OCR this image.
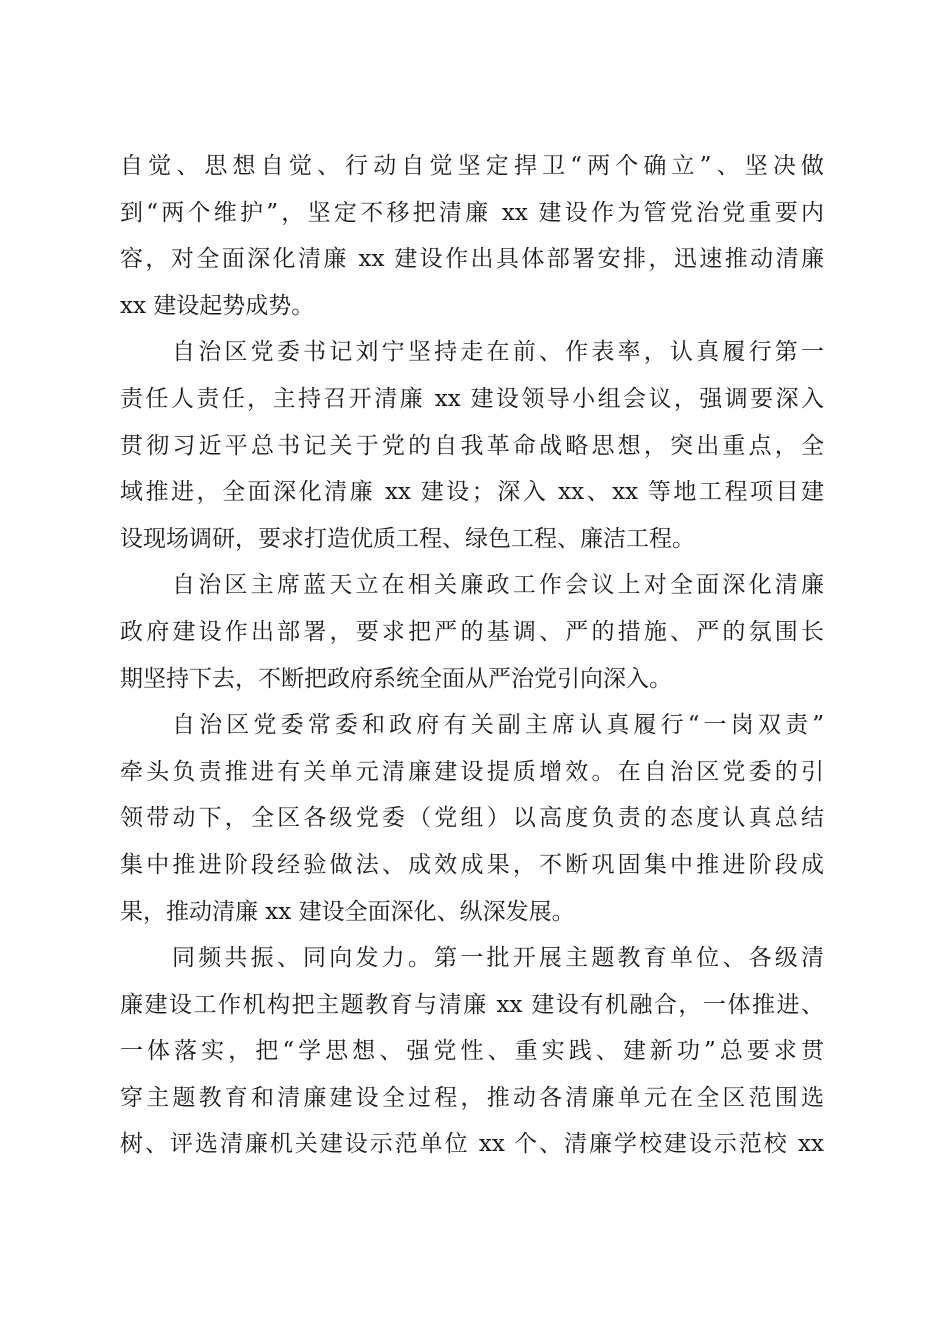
自觉、思想自觉、行动自觉坚定捍卫“两个确立”、坚决做
到“两个维护”，坚定不移把清廉 xx 建设作为管党治党重要内
容，对全面深化清廉 xx 建设作出具体部署安排，迅速推动清廉
xx 建设起势成势。

自治区党委书记刘宁坚持走在前、作表率，认真履行第一
责任人责任，主持召开清廉 xx 建设领导小组会议，强调要深入
贯彻习近平总书记关于党的自我革命战略思想，突出重点，全
域推进，全面深化清廉 xx 建设；深入 xx、xx 等地工程项目建
设现场调研，要求打造优质工程、绿色工程、廉洁工程。

自治区主席蓝天立在相关廉政工作会议上对全面深化清廉
政府建设作出部署，要求把严的基调、严的措施、严的氛围长
期坚持下去，不断把政府系统全面从严治党引向深入。

自治区党委常委和政府有关副主席认真履行“一岗双责”
牵头负责推进有关单元清廉建设提质增效。在自治区党委的引
领带动下，全区各级党委（党组）以高度负责的态度认真总结
集中推进阶段经验做法、成效成果，不断巩固集中推进阶段成
果，推动清廉 xx 建设全面深化、纵深发展。

同频共振、同向发力。第一批开展主题教育单位、各级清
廉建设工作机构把主题教育与清廉 xx 建设有机融合，一体推进、
一体落实，把“学思想、强党性、重实践、建新功”总要求贯
穿主题教育和清廉建设全过程，推动各清廉单元在全区范围选
树、评选清廉机关建设示范单位 xx 个、清廉学校建设示范校 xx
